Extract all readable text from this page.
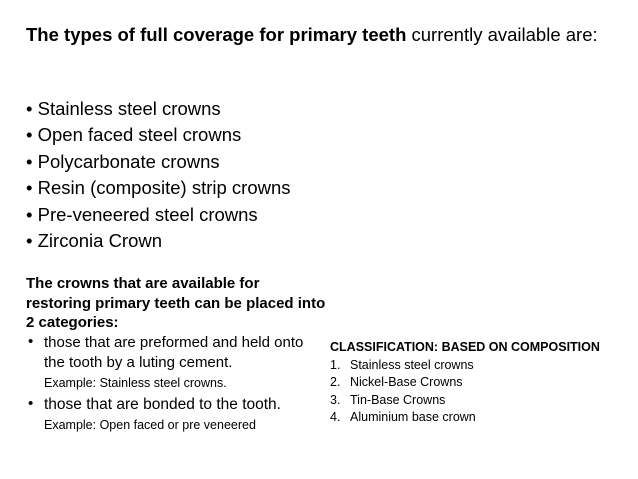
The types of full coverage for primary teeth currently available are:
• Stainless steel crowns
• Open faced steel crowns
• Polycarbonate crowns
• Resin (composite) strip crowns
• Pre-veneered steel crowns
• Zirconia Crown
The crowns that are available for restoring primary teeth can be placed into 2 categories:
• those that are preformed and held onto the tooth by a luting cement.
Example: Stainless steel crowns.
• those that are bonded to the tooth.
Example: Open faced or pre veneered
CLASSIFICATION: BASED ON COMPOSITION
1. Stainless steel crowns
2. Nickel-Base Crowns
3. Tin-Base Crowns
4. Aluminium base crown
